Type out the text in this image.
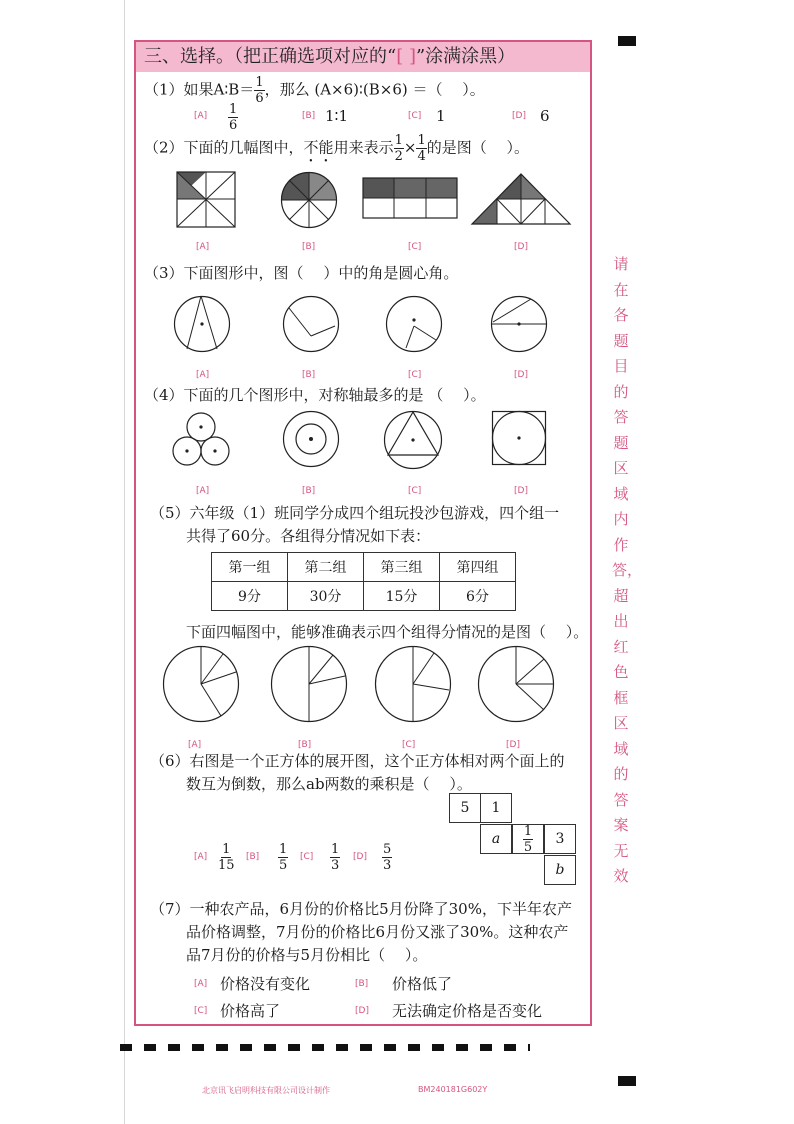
三、选择。（把正确选项对应的“[ ]”涂满涂黑）
（1）如果A∶B＝ $\frac{1}{6}$ ，那么 (A×6)∶(B×6) ＝（　 ）。
$[A] \frac{1}{6}$	[B] 1∶1	[C] 1	[D] 6
（2）下面的几幅图中，不能用来表示 $\frac{1}{2} \times \frac{1}{4}$ 的是图（　 ）。
[A]	[B]	[C]	[D]
（3）下面图形中，图（　 ）中的角是圆心角。
[A]	[B]	[C]	[D]
（4）下面的几个图形中，对称轴最多的是 （　 ）。
[A]	[B]	[C]	[D]
（5）六年级（1）班同学分成四个组玩投沙包游戏，四个组一
共得了60分。各组得分情况如下表：
第一组	第二组	第三组	第四组
9分	30分	15分	6分
下面四幅图中，能够准确表示四个组得分情况的是图（　 ）。
[A]	[B]	[C]	[D]
（6）右图是一个正方体的展开图，这个正方体相对两个面上的
数互为倒数，那么ab两数的乘积是（　 ）。
5	1
a	$\frac{1}{5}$	3
b
$[A] \frac{1}{15} [B] \frac{1}{5} [C] \frac{1}{3} [D] \frac{5}{3}$
（7）一种农产品，6月份的价格比5月份降了30%，下半年农产
品价格调整，7月份的价格比6月份又涨了30%。这种农产
品7月份的价格与5月份相比（　 ）。
[A] 价格没有变化	[B] 价格低了
[C] 价格高了	[D] 无法确定价格是否变化
请在各题目的答题区域内作答，超出红色框区域的答案无效
北京讯飞启明科技有限公司设计制作	BM240181G602Y
